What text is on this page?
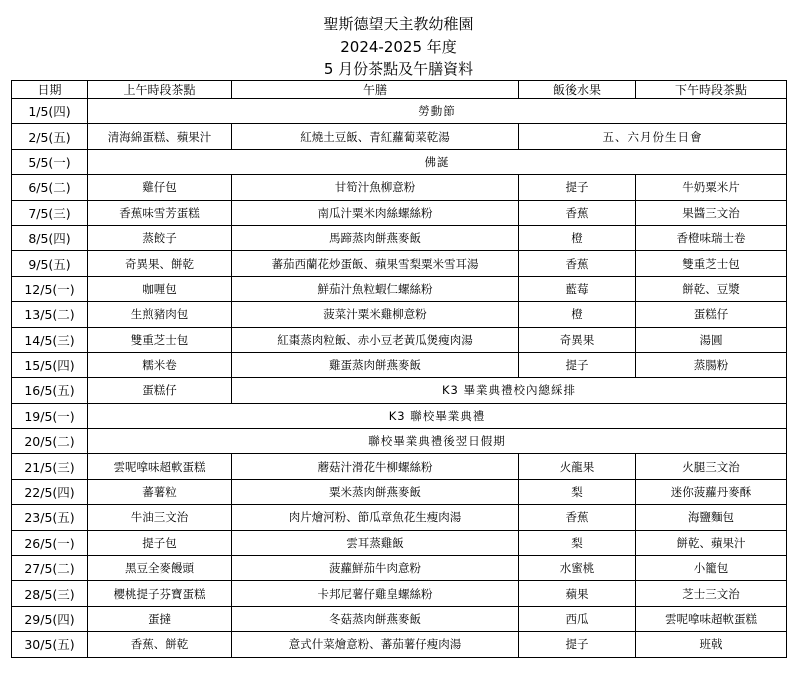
聖斯德望天主教幼稚園
2024-2025 年度
5 月份茶點及午膳資料
日期	上午時段茶點	午膳	飯後水果	下午時段茶點
1/5(四)	勞動節			
2/5(五)	清海綿蛋糕、蘋果汁	紅燒土豆飯、青紅蘿蔔菜乾湯	五、六月份生日會	
5/5(一)	佛誕			
6/5(二)	雞仔包	甘筍汁魚柳意粉	提子	牛奶粟米片
7/5(三)	香蕉味雪芳蛋糕	南瓜汁粟米肉絲螺絲粉	香蕉	果醬三文治
8/5(四)	蒸餃子	馬蹄蒸肉餅燕麥飯	橙	香橙味瑞士卷
9/5(五)	奇異果、餅乾	蕃茄西蘭花炒蛋飯、蘋果雪梨粟米雪耳湯	香蕉	雙重芝士包
12/5(一)	咖喱包	鮮茄汁魚粒蝦仁螺絲粉	藍莓	餅乾、豆漿
13/5(二)	生煎豬肉包	菠菜汁粟米雞柳意粉	橙	蛋糕仔
14/5(三)	雙重芝士包	紅棗蒸肉粒飯、赤小豆老黃瓜煲瘦肉湯	奇異果	湯圓
15/5(四)	糯米卷	雞蛋蒸肉餅燕麥飯	提子	蒸腸粉
16/5(五)	蛋糕仔	K3 畢業典禮校內總綵排		
19/5(一)	K3 聯校畢業典禮			
20/5(二)	聯校畢業典禮後翌日假期			
21/5(三)	雲呢嗱味超軟蛋糕	蘑菇汁滑花牛柳螺絲粉	火龍果	火腿三文治
22/5(四)	蕃薯粒	粟米蒸肉餅燕麥飯	梨	迷你菠蘿丹麥酥
23/5(五)	牛油三文治	肉片燴河粉、節瓜章魚花生瘦肉湯	香蕉	海鹽麵包
26/5(一)	提子包	雲耳蒸雞飯	梨	餅乾、蘋果汁
27/5(二)	黑豆全麥饅頭	菠蘿鮮茄牛肉意粉	水蜜桃	小籠包
28/5(三)	櫻桃提子芬寶蛋糕	卡邦尼薯仔雞皇螺絲粉	蘋果	芝士三文治
29/5(四)	蛋撻	冬菇蒸肉餅燕麥飯	西瓜	雲呢嗱味超軟蛋糕
30/5(五)	香蕉、餅乾	意式什菜燴意粉、蕃茄薯仔瘦肉湯	提子	班戟
